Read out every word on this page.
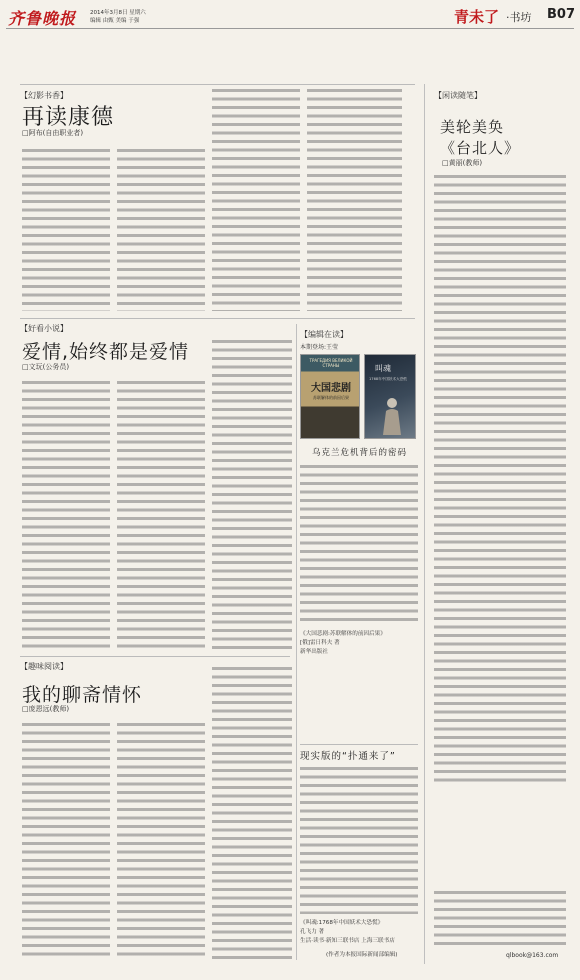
齐鲁晚报	2014年3月8日 星期六
编辑 由甄 美编 于强	青未了 ·书坊 B07
【幻影书香】
再读康德
□阿布(自由职业者)
【闲读随笔】
美轮美奂
《台北人》
□黄丽(教师)
qlbook@163.com
【好看小说】
爱情,始终都是爱情
□文玩(公务员)
【编辑在读】
本期登场:王莹
ТРАГЕДИЯ ВЕЛИКОЙ СТРАНЫ
大国悲剧
苏联解体的前因后果
叫魂
1768年中国妖术大恐慌
乌克兰危机背后的密码
《大国悲剧:苏联解体的前因后果》
[俄]雷日科夫 著
新华出版社
【趣味阅读】
我的聊斋情怀
□庞恩远(教师)
现实版的“扑通来了”
《叫魂:1768年中国妖术大恐慌》
孔飞力 著
生活·读书·新知三联书店 上海三联书店
(作者为本报国际新闻部编辑)
